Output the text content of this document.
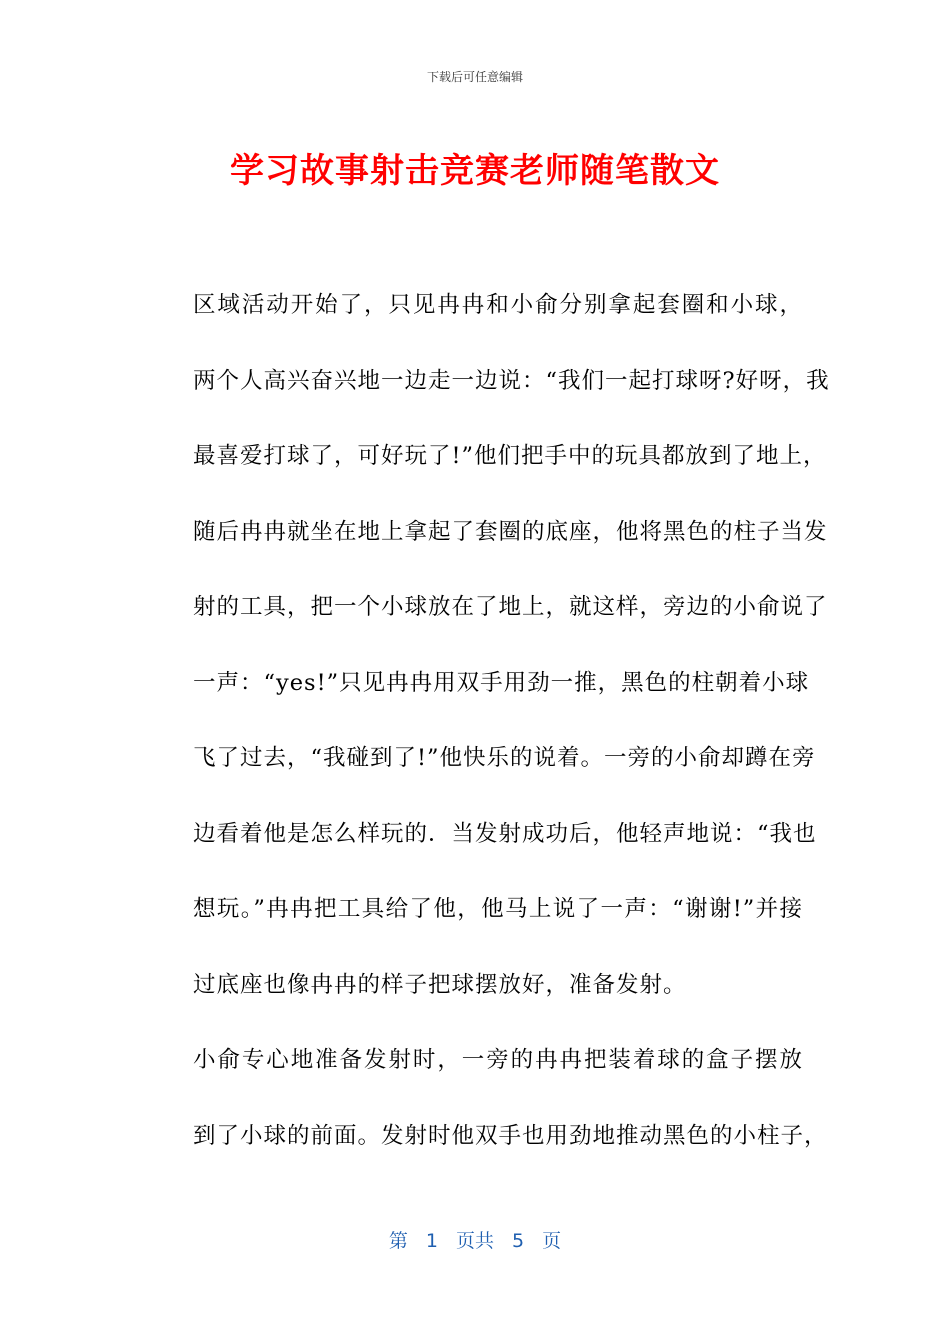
下载后可任意编辑
学习故事射击竞赛老师随笔散文

区域活动开始了，只见冉冉和小俞分别拿起套圈和小球，
两个人高兴奋兴地一边走一边说：“我们一起打球呀?好呀，我
最喜爱打球了，可好玩了!”他们把手中的玩具都放到了地上，
随后冉冉就坐在地上拿起了套圈的底座，他将黑色的柱子当发
射的工具，把一个小球放在了地上，就这样，旁边的小俞说了
一声：“yes!”只见冉冉用双手用劲一推，黑色的柱朝着小球
飞了过去，“我碰到了!”他快乐的说着。一旁的小俞却蹲在旁
边看着他是怎么样玩的．当发射成功后，他轻声地说：“我也
想玩。”冉冉把工具给了他，他马上说了一声：“谢谢!”并接
过底座也像冉冉的样子把球摆放好，准备发射。

小俞专心地准备发射时，一旁的冉冉把装着球的盒子摆放
到了小球的前面。发射时他双手也用劲地推动黑色的小柱子，

第 1 页共 5 页
